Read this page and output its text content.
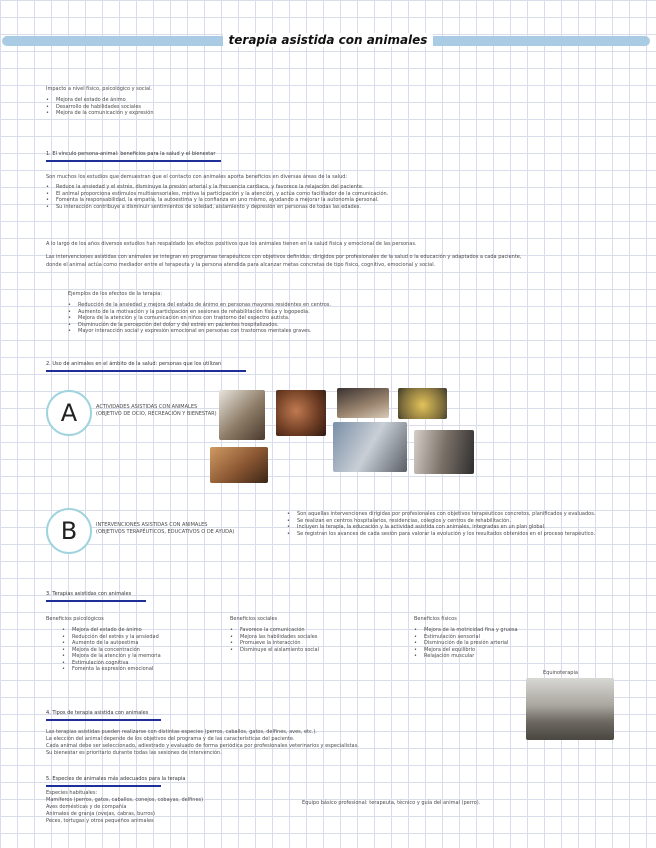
terapia asistida con animales
Impacto a nivel físico, psicológico y social.
• Mejora del estado de ánimo
• Desarrollo de habilidades sociales
• Mejora de la comunicación y expresión
1. El vínculo persona-animal: beneficios para la salud y el bienestar
Son muchos los estudios que demuestran que el contacto con animales aporta beneficios en diversas áreas de la salud:
• Reduce la ansiedad y el estrés, disminuye la presión arterial y la frecuencia cardiaca, y favorece la relajación del paciente.
• El animal proporciona estímulos multisensoriales, motiva la participación y la atención, y actúa como facilitador de la comunicación.
• Fomenta la responsabilidad, la empatía, la autoestima y la confianza en uno mismo, ayudando a mejorar la autonomía personal.
• Su interacción contribuye a disminuir sentimientos de soledad, aislamiento y depresión en personas de todas las edades.
A lo largo de los años diversos estudios han respaldado los efectos positivos que los animales tienen en la salud física y emocional de las personas.
Las intervenciones asistidas con animales se integran en programas terapéuticos con objetivos definidos, dirigidos por profesionales de la salud o la educación y adaptados a cada paciente,
donde el animal actúa como mediador entre el terapeuta y la persona atendida para alcanzar metas concretas de tipo físico, cognitivo, emocional y social.
Ejemplos de los efectos de la terapia:
• Reducción de la ansiedad y mejora del estado de ánimo en personas mayores residentes en centros.
• Aumento de la motivación y la participación en sesiones de rehabilitación física y logopedia.
• Mejora de la atención y la comunicación en niños con trastorno del espectro autista.
• Disminución de la percepción del dolor y del estrés en pacientes hospitalizados.
• Mayor interacción social y expresión emocional en personas con trastornos mentales graves.
2. Uso de animales en el ámbito de la salud: personas que los utilizan
A	ACTIVIDADES ASISTIDAS CON ANIMALES
(OBJETIVO DE OCIO, RECREACIÓN Y BIENESTAR)
B	INTERVENCIONES ASISTIDAS CON ANIMALES
(OBJETIVOS TERAPÉUTICOS, EDUCATIVOS O DE AYUDA)
• Son aquellas intervenciones dirigidas por profesionales con objetivos terapéuticos concretos, planificados y evaluados.
• Se realizan en centros hospitalarios, residencias, colegios y centros de rehabilitación.
• Incluyen la terapia, la educación y la actividad asistida con animales, integradas en un plan global.
• Se registran los avances de cada sesión para valorar la evolución y los resultados obtenidos en el proceso terapéutico.
3. Terapias asistidas con animales
Beneficios psicológicos
• Mejora del estado de ánimo
• Reducción del estrés y la ansiedad
• Aumento de la autoestima
• Mejora de la concentración
• Mejora de la atención y la memoria
• Estimulación cognitiva
• Fomenta la expresión emocional
Beneficios sociales
• Favorece la comunicación
• Mejora las habilidades sociales
• Promueve la interacción
• Disminuye el aislamiento social
Beneficios físicos
• Mejora de la motricidad fina y gruesa
• Estimulación sensorial
• Disminución de la presión arterial
• Mejora del equilibrio
• Relajación muscular
Equinoterapia
4. Tipos de terapia asistida con animales
Las terapias asistidas pueden realizarse con distintas especies (perros, caballos, gatos, delfines, aves, etc.).
La elección del animal depende de los objetivos del programa y de las características del paciente.
Cada animal debe ser seleccionado, adiestrado y evaluado de forma periódica por profesionales veterinarios y especialistas.
Su bienestar es prioritario durante todas las sesiones de intervención.
5. Especies de animales más adecuados para la terapia
Especies habituales:
Mamíferos (perros, gatos, caballos, conejos, cobayas, delfines)
Aves domésticas y de compañía
Animales de granja (ovejas, cabras, burros)
Peces, tortugas y otros pequeños animales
Equipo básico profesional: terapeuta, técnico y guía del animal (perro).
